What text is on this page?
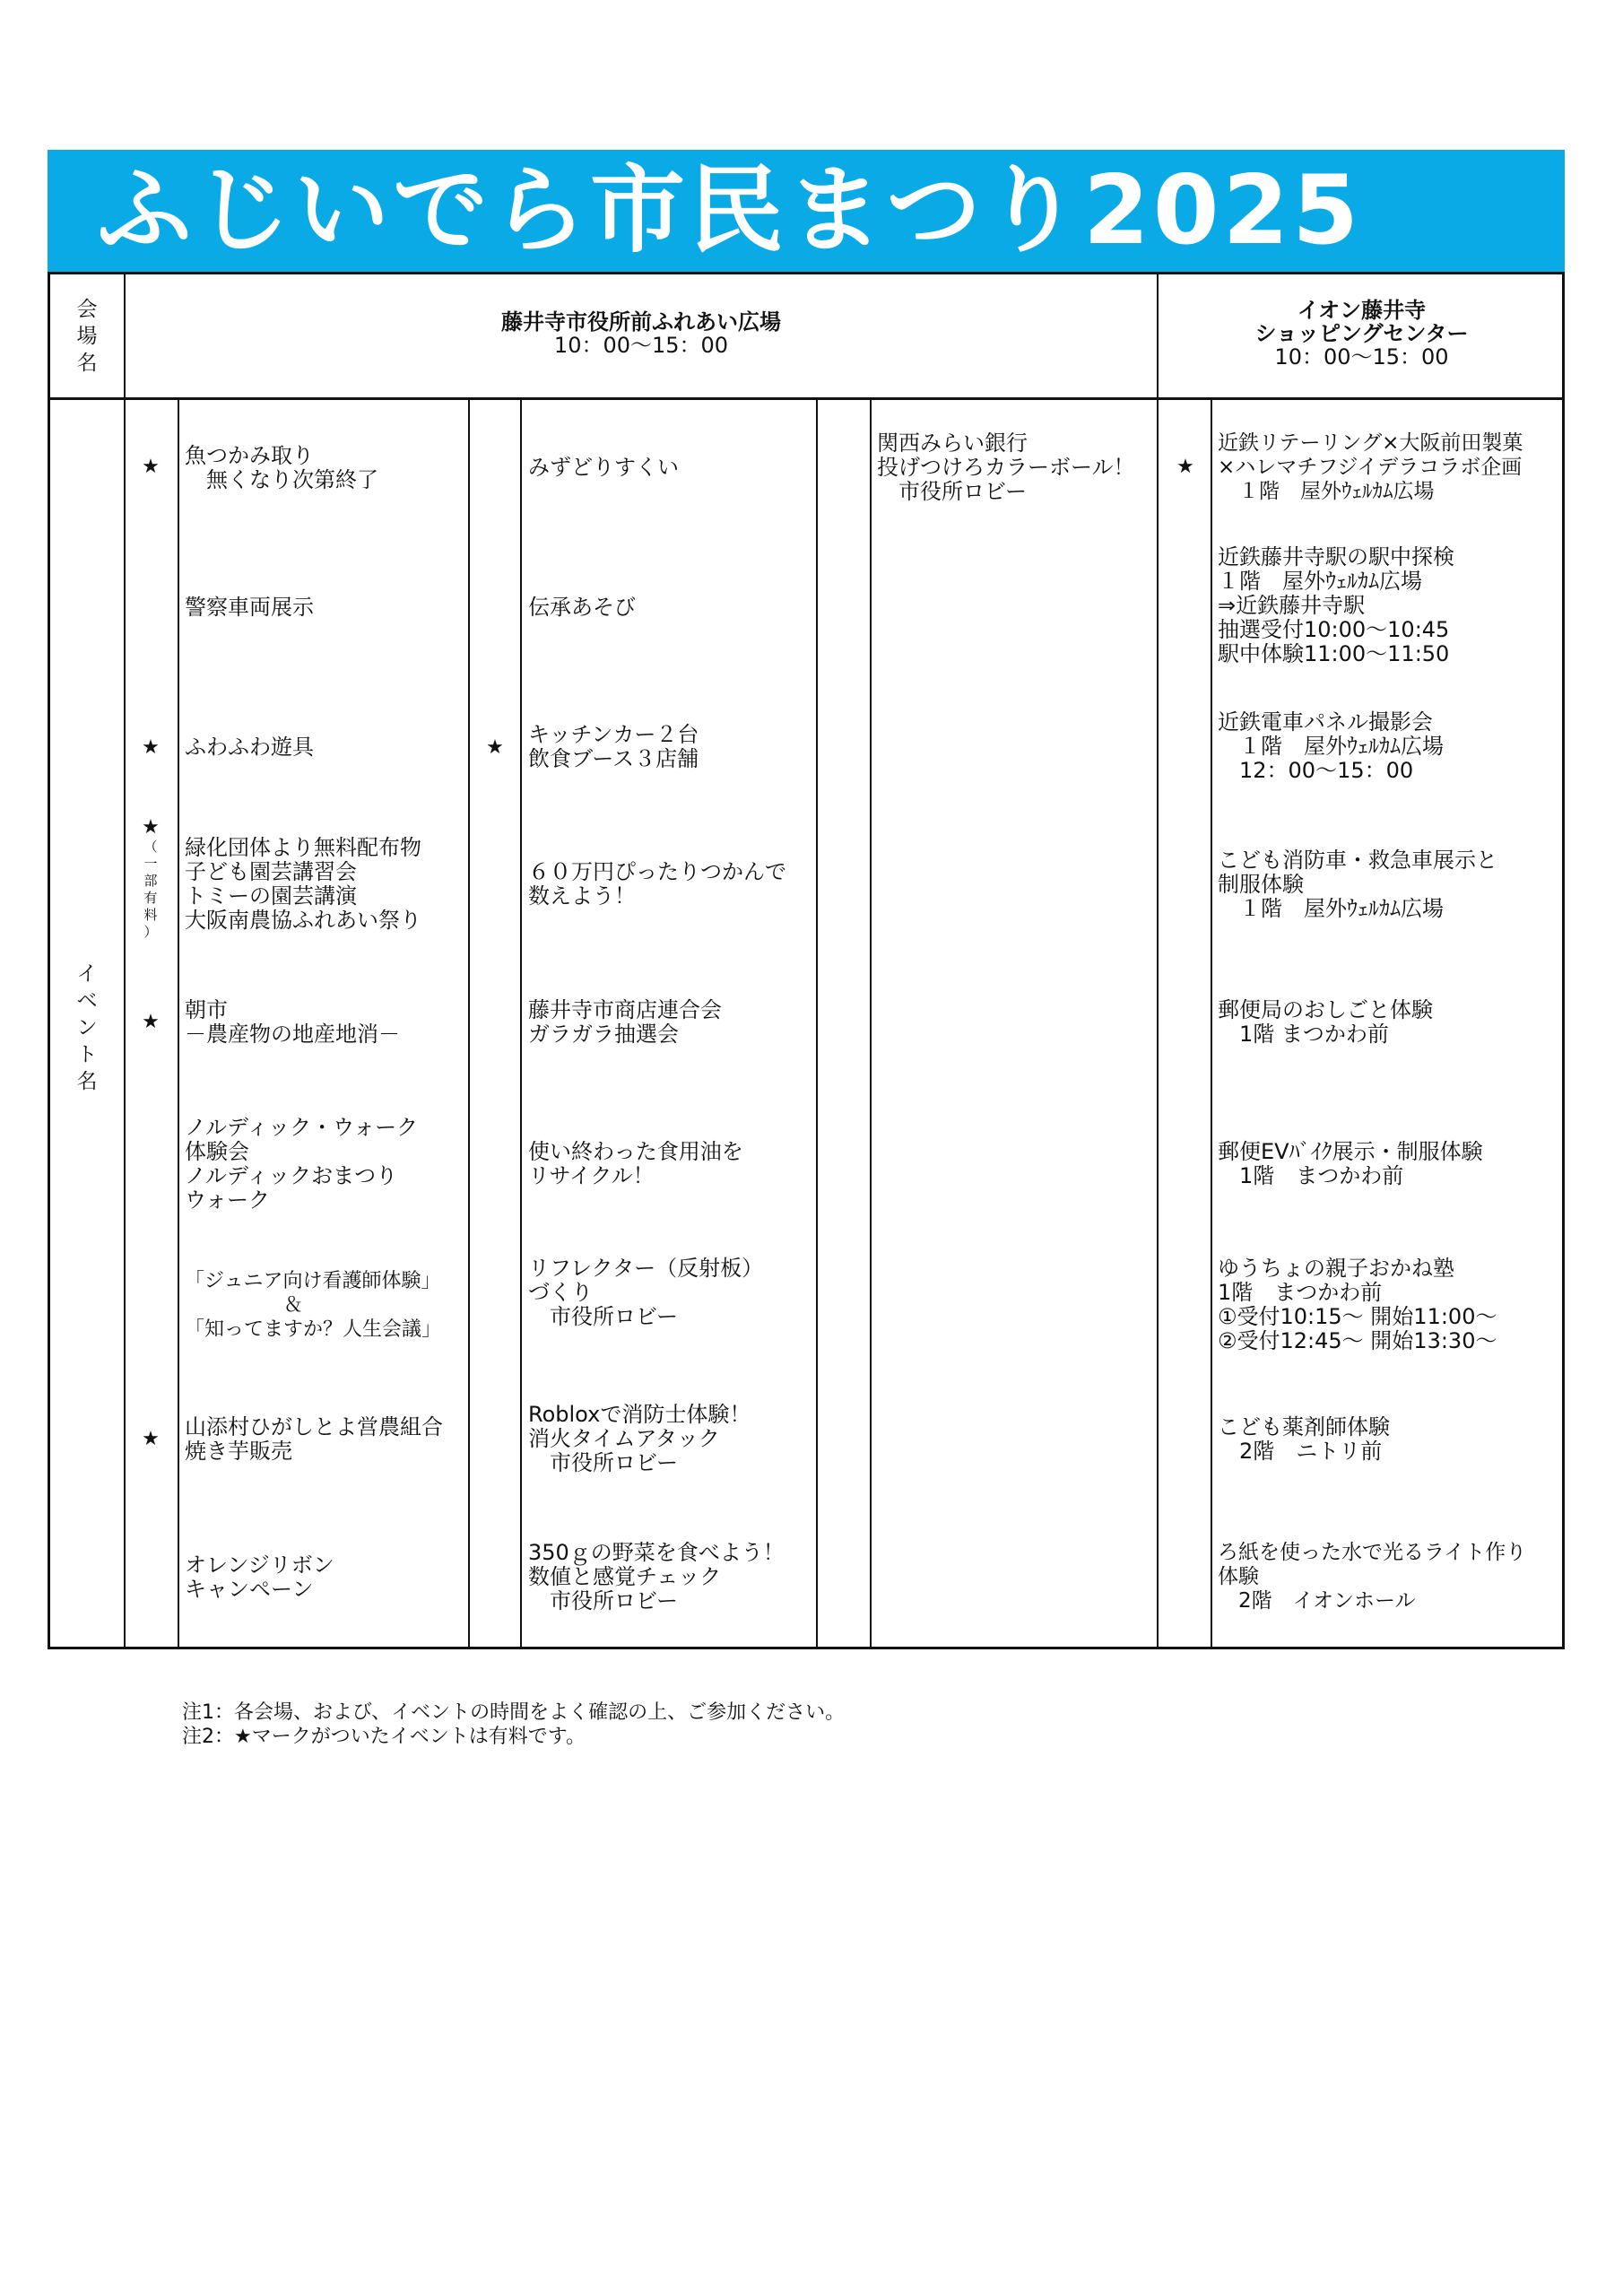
ふじいでら市民まつり2025
会
場
名
藤井寺市役所前ふれあい広場
10：00～15：00
イオン藤井寺
ショッピングセンター
10：00～15：00
イ
ベ
ン
ト
名
★
★
★
（
一
部
有
料
）
★
★
★
★
魚つかみ取り
　無くなり次第終了
警察車両展示
ふわふわ遊具
緑化団体より無料配布物
子ども園芸講習会
トミーの園芸講演
大阪南農協ふれあい祭り
朝市
－農産物の地産地消－
ノルディック・ウォーク
体験会
ノルディックおまつり
ウォーク
「ジュニア向け看護師体験」
　　　　　＆
「知ってますか？人生会議」
山添村ひがしとよ営農組合
焼き芋販売
オレンジリボン
キャンペーン
みずどりすくい
伝承あそび
キッチンカー２台
飲食ブース３店舗
６０万円ぴったりつかんで
数えよう！
藤井寺市商店連合会
ガラガラ抽選会
使い終わった食用油を
リサイクル！
リフレクター（反射板）
づくり
　市役所ロビー
Robloxで消防士体験！
消火タイムアタック
　市役所ロビー
350ｇの野菜を食べよう！
数値と感覚チェック
　市役所ロビー
関西みらい銀行
投げつけろカラーボール！
　市役所ロビー
近鉄リテーリング×大阪前田製菓
×ハレマチフジイデラコラボ企画
　１階　屋外ｳｪﾙｶﾑ広場
近鉄藤井寺駅の駅中探検
１階　屋外ｳｪﾙｶﾑ広場
⇒近鉄藤井寺駅
抽選受付10:00～10:45
駅中体験11:00～11:50
近鉄電車パネル撮影会
　１階　屋外ｳｪﾙｶﾑ広場
　12：00～15：00
こども消防車・救急車展示と
制服体験
　１階　屋外ｳｪﾙｶﾑ広場
郵便局のおしごと体験
　1階 まつかわ前
郵便EVﾊﾞｲｸ展示・制服体験
　1階　まつかわ前
ゆうちょの親子おかね塾
1階　まつかわ前
①受付10:15～ 開始11:00～
②受付12:45～ 開始13:30～
こども薬剤師体験
　2階　ニトリ前
ろ紙を使った水で光るライト作り
体験
　2階　イオンホール
注1：各会場、および、イベントの時間をよく確認の上、ご参加ください。
注2：★マークがついたイベントは有料です。
